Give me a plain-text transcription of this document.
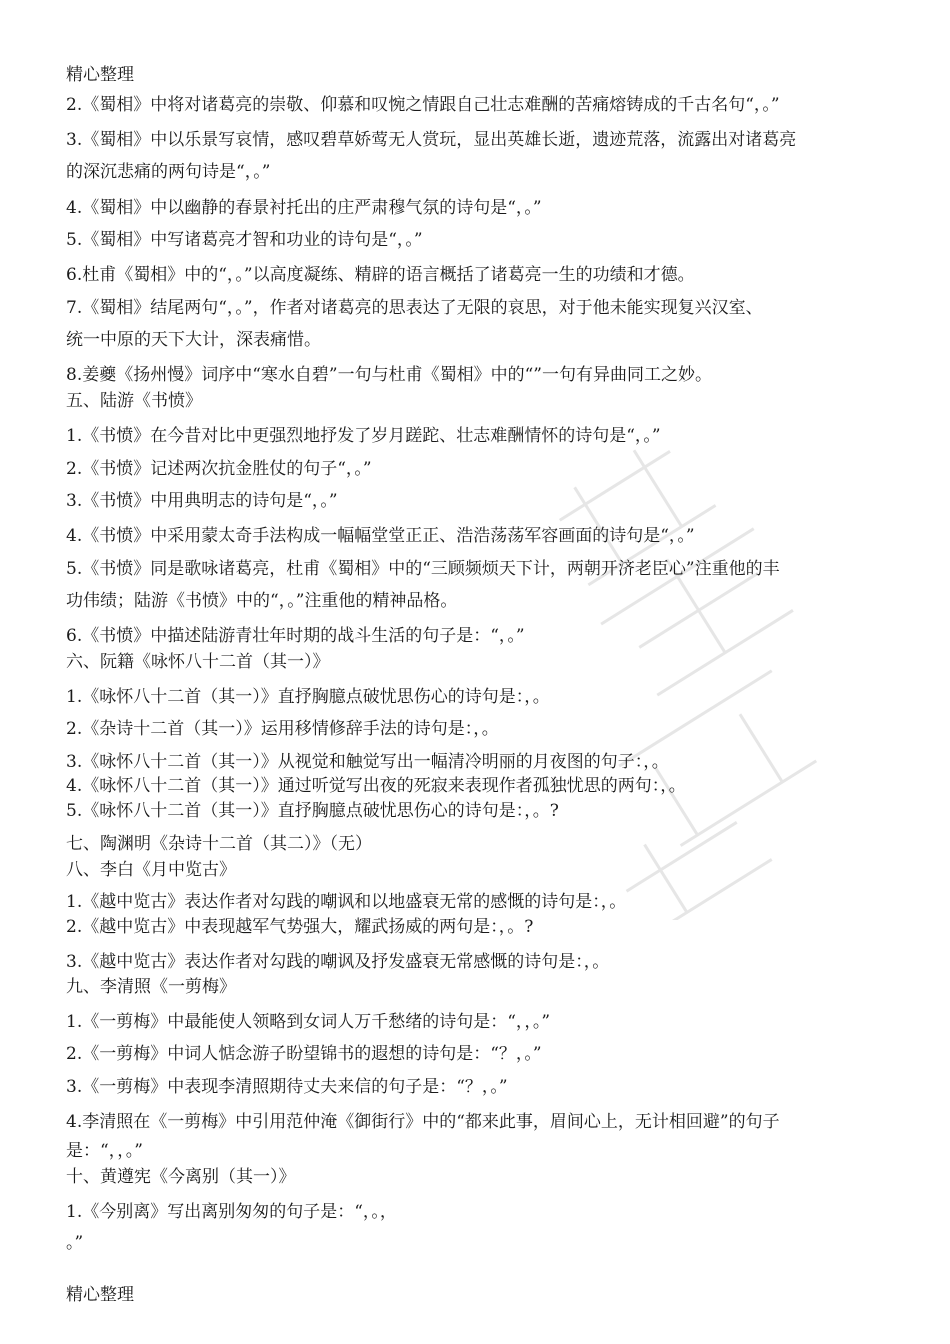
精心整理
2.《蜀相》中将对诸葛亮的崇敬、仰慕和叹惋之情跟自己壮志难酬的苦痛熔铸成的千古名句“，。”
3.《蜀相》中以乐景写哀情，感叹碧草娇莺无人赏玩，显出英雄长逝，遗迹荒落，流露出对诸葛亮
的深沉悲痛的两句诗是“，。”
4.《蜀相》中以幽静的春景衬托出的庄严肃穆气氛的诗句是“，。”
5.《蜀相》中写诸葛亮才智和功业的诗句是“，。”
6.杜甫《蜀相》中的“，。”以高度凝练、精辟的语言概括了诸葛亮一生的功绩和才德。
7.《蜀相》结尾两句“，。”，作者对诸葛亮的思表达了无限的哀思，对于他未能实现复兴汉室、
统一中原的天下大计，深表痛惜。
8.姜夔《扬州慢》词序中“寒水自碧”一句与杜甫《蜀相》中的“”一句有异曲同工之妙。
五、陆游《书愤》
1.《书愤》在今昔对比中更强烈地抒发了岁月蹉跎、壮志难酬情怀的诗句是“，。”
2.《书愤》记述两次抗金胜仗的句子“，。”
3.《书愤》中用典明志的诗句是“，。”
4.《书愤》中采用蒙太奇手法构成一幅幅堂堂正正、浩浩荡荡军容画面的诗句是“，。”
5.《书愤》同是歌咏诸葛亮，杜甫《蜀相》中的“三顾频烦天下计，两朝开济老臣心”注重他的丰
功伟绩；陆游《书愤》中的“，。”注重他的精神品格。
6.《书愤》中描述陆游青壮年时期的战斗生活的句子是：“，。”
六、阮籍《咏怀八十二首（其一）》
1.《咏怀八十二首（其一）》直抒胸臆点破忧思伤心的诗句是：，。
2.《杂诗十二首（其一）》运用移情修辞手法的诗句是：，。
3.《咏怀八十二首（其一）》从视觉和触觉写出一幅清冷明丽的月夜图的句子：，。
4.《咏怀八十二首（其一）》通过听觉写出夜的死寂来表现作者孤独忧思的两句：，。
5.《咏怀八十二首（其一）》直抒胸臆点破忧思伤心的诗句是：，。?
七、陶渊明《杂诗十二首（其二）》（无）
八、李白《月中览古》
1.《越中览古》表达作者对勾践的嘲讽和以地盛衰无常的感慨的诗句是：，。
2.《越中览古》中表现越军气势强大，耀武扬威的两句是：，。?
3.《越中览古》表达作者对勾践的嘲讽及抒发盛衰无常感慨的诗句是：，。
九、李清照《一剪梅》
1.《一剪梅》中最能使人领略到女词人万千愁绪的诗句是：“，，。”
2.《一剪梅》中词人惦念游子盼望锦书的遐想的诗句是：“？，。”
3.《一剪梅》中表现李清照期待丈夫来信的句子是：“？，。”
4.李清照在《一剪梅》中引用范仲淹《御街行》中的“都来此事，眉间心上，无计相回避”的句子
是：“，，。”
十、黄遵宪《今离别（其一）》
1.《今别离》写出离别匆匆的句子是：“，。，
。”
精心整理
